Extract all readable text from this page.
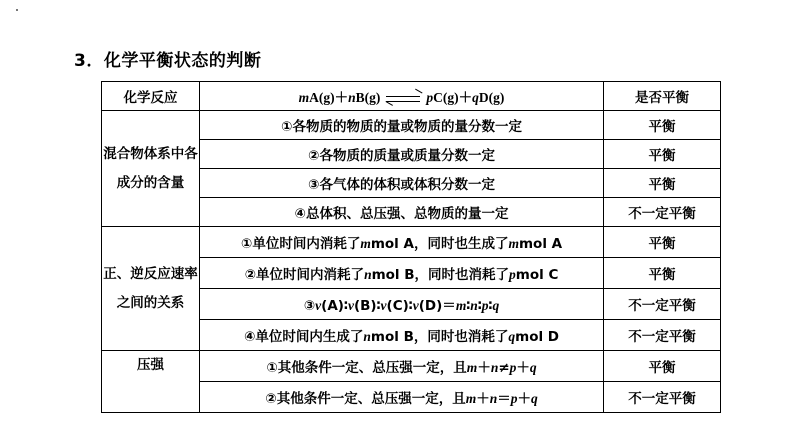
3．化学平衡状态的判断
化学反应	mA(g)＋nB(g) pC(g)＋qD(g)	是否平衡
混合物体系中各成分的含量	①各物质的物质的量或物质的量分数一定	平衡
	②各物质的质量或质量分数一定	平衡
	③各气体的体积或体积分数一定	平衡
	④总体积、总压强、总物质的量一定	不一定平衡
正、逆反应速率之间的关系	①单位时间内消耗了mmol A，同时也生成了mmol A	平衡
	②单位时间内消耗了nmol B，同时也消耗了pmol C	平衡
	③v(A)∶v(B)∶v(C)∶v(D)＝m∶n∶p∶q	不一定平衡
	④单位时间内生成了nmol B，同时也消耗了qmol D	不一定平衡
压强	①其他条件一定、总压强一定，且m＋n≠p＋q	平衡
	②其他条件一定、总压强一定，且m＋n＝p＋q	不一定平衡
